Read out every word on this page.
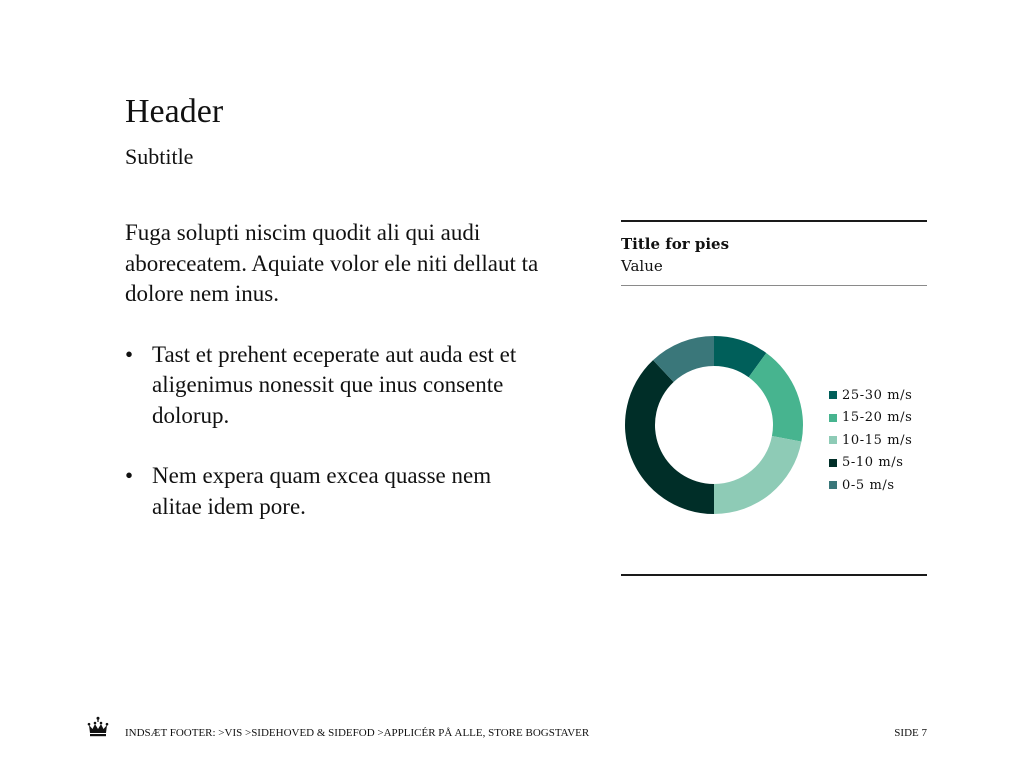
Header
Subtitle

Fuga solupti niscim quodit ali qui audi aboreceatem. Aquiate volor ele niti dellaut ta dolore nem inus.

• Tast et prehent eceperate aut auda est et aligenimus nonessit que inus consente dolorup.
• Nem expera quam excea quasse nem alitae idem pore.
Title for pies
Value
25-30 m/s
15-20 m/s
10-15 m/s
5-10 m/s
0-5 m/s
INDSÆT FOOTER: >VIS >SIDEHOVED & SIDEFOD >APPLICÉR PÅ ALLE, STORE BOGSTAVER	SIDE 7
